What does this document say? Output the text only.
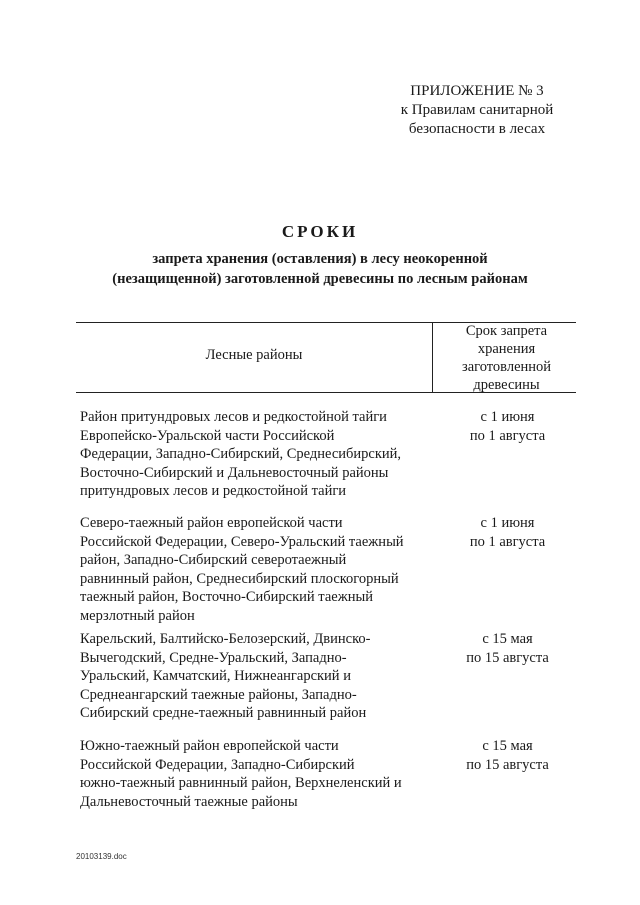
ПРИЛОЖЕНИЕ № 3
к Правилам санитарной
безопасности в лесах
СРОКИ
запрета хранения (оставления) в лесу неокоренной
(незащищенной) заготовленной древесины по лесным районам
Лесные районы
Срок запрета
хранения
заготовленной
древесины
Район притундровых лесов и редкостойной тайги
Европейско-Уральской части Российской
Федерации, Западно-Сибирский, Среднесибирский,
Восточно-Сибирский и Дальневосточный районы
притундровых лесов и редкостойной тайги
с 1 июня
по 1 августа
Северо-таежный район европейской части
Российской Федерации, Северо-Уральский таежный
район, Западно-Сибирский северотаежный
равнинный район, Среднесибирский плоскогорный
таежный район, Восточно-Сибирский таежный
мерзлотный район
с 1 июня
по 1 августа
Карельский, Балтийско-Белозерский, Двинско-
Вычегодский, Средне-Уральский, Западно-
Уральский, Камчатский, Нижнеангарский и
Среднеангарский таежные районы, Западно-
Сибирский средне-таежный равнинный район
с 15 мая
по 15 августа
Южно-таежный район европейской части
Российской Федерации, Западно-Сибирский
южно-таежный равнинный район, Верхнеленский и
Дальневосточный таежные районы
с 15 мая
по 15 августа
20103139.doc
